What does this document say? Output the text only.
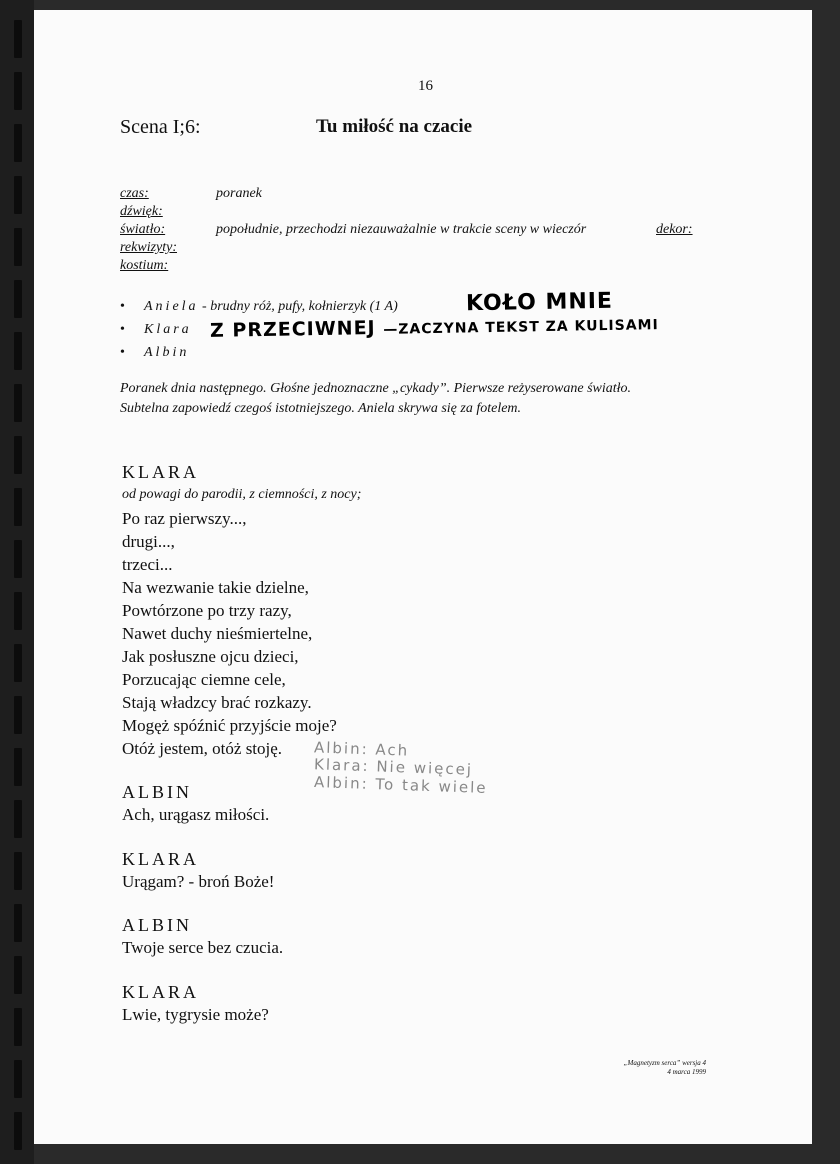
16
Scena I;6:	Tu miłość na czacie
czas:	poranek
dźwięk:
światło:	popołudnie, przechodzi niezauważalnie w trakcie sceny w wieczór	dekor:
rekwizyty:
kostium:
• Aniela - brudny róż, pufy, kołnierzyk (1 A)
• Klara
• Albin
KOŁO MNIE
Z PRZECIWNEJ —ZACZYNA TEKST ZA KULISAMI
Poranek dnia następnego. Głośne jednoznaczne „cykady”. Pierwsze reżyserowane światło.
Subtelna zapowiedź czegoś istotniejszego. Aniela skrywa się za fotelem.
KLARA
od powagi do parodii, z ciemności, z nocy;
Po raz pierwszy...,
drugi...,
trzeci...
Na wezwanie takie dzielne,
Powtórzone po trzy razy,
Nawet duchy nieśmiertelne,
Jak posłuszne ojcu dzieci,
Porzucając ciemne cele,
Stają władzcy brać rozkazy.
Mogęż spóźnić przyjście moje?
Otóż jestem, otóż stoję. Albin: Ach
Klara: Nie więcej
Albin: To tak wiele
ALBIN
Ach, urągasz miłości.
KLARA
Urągam? - broń Boże!
ALBIN
Twoje serce bez czucia.
KLARA
Lwie, tygrysie może?
„Magnetyzm serca” wersja 4
4 marca 1999
